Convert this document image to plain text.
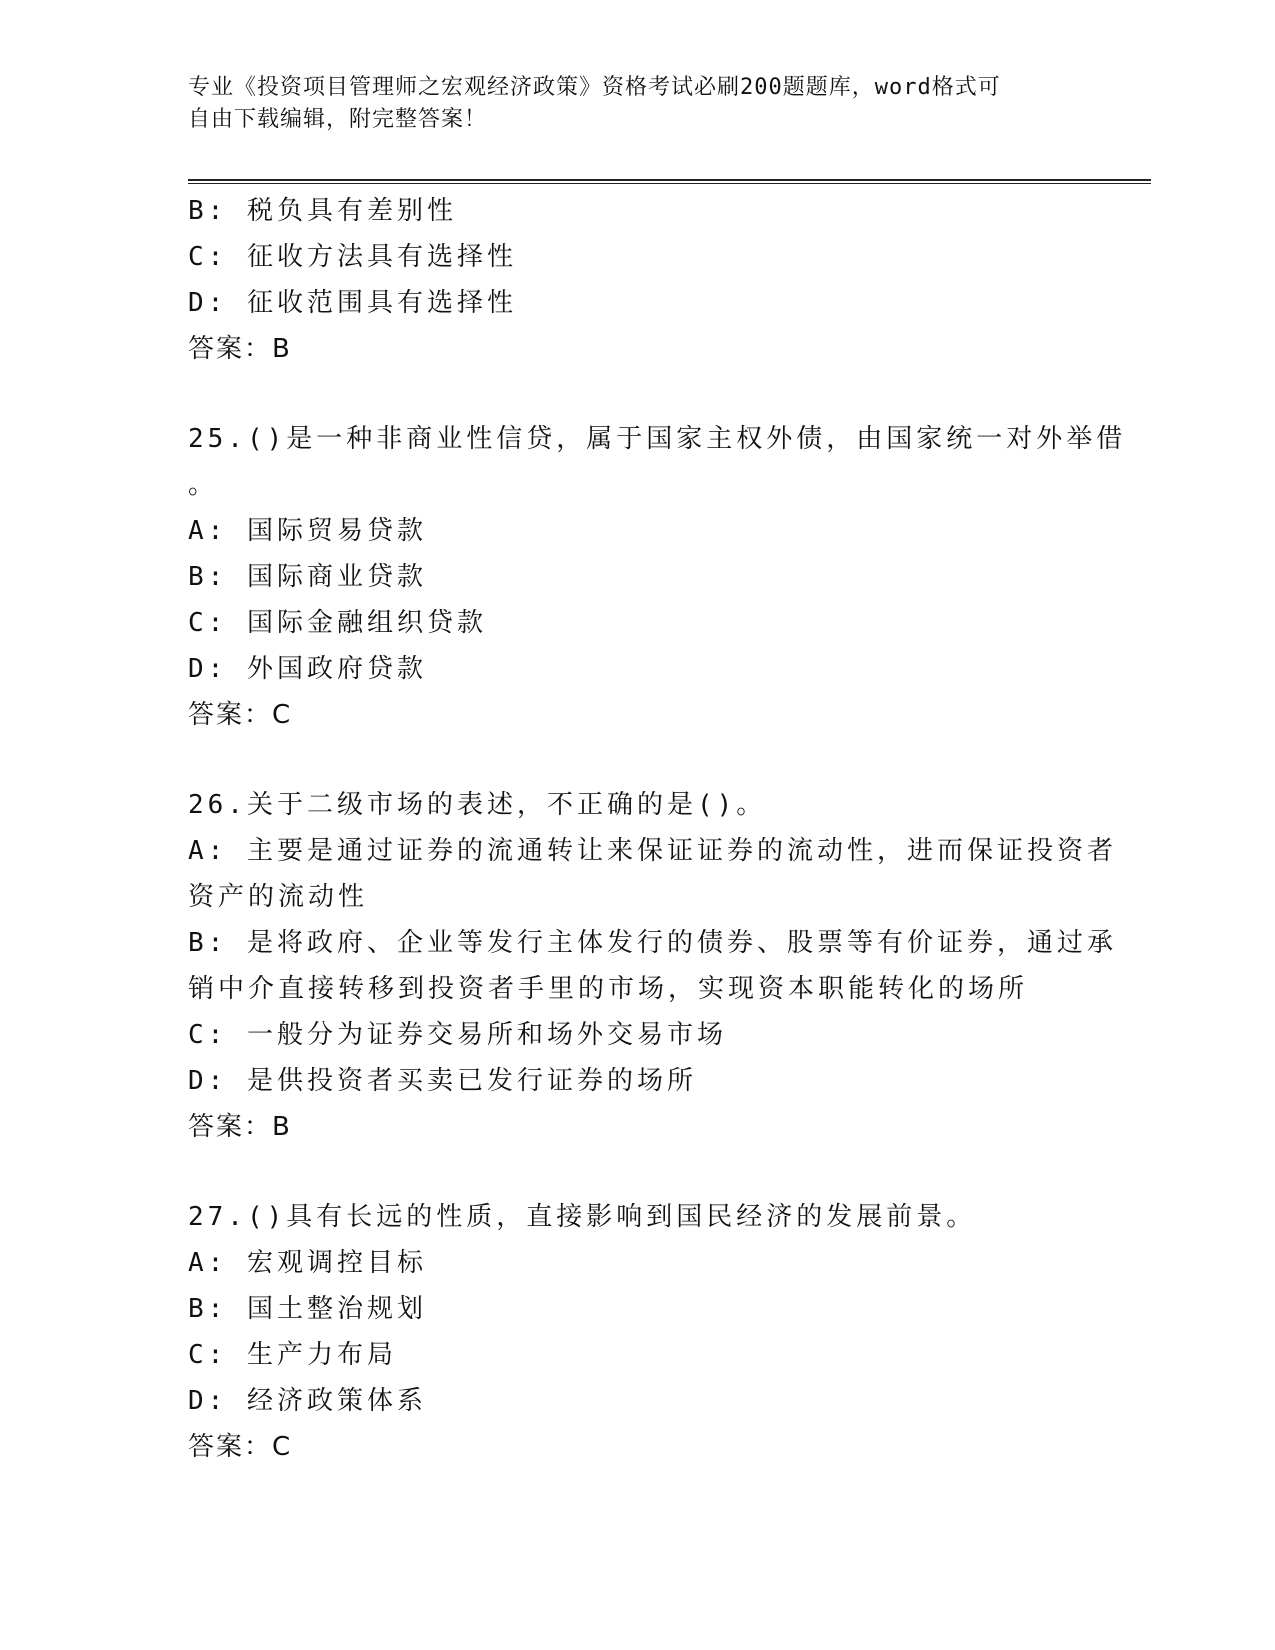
专业《投资项目管理师之宏观经济政策》资格考试必刷200题题库，word格式可
自由下载编辑，附完整答案！
B: 税负具有差别性
C: 征收方法具有选择性
D: 征收范围具有选择性
答案：B
25.()是一种非商业性信贷，属于国家主权外债，由国家统一对外举借
。
A: 国际贸易贷款
B: 国际商业贷款
C: 国际金融组织贷款
D: 外国政府贷款
答案：C
26.关于二级市场的表述，不正确的是()。
A: 主要是通过证券的流通转让来保证证券的流动性，进而保证投资者
资产的流动性
B: 是将政府、企业等发行主体发行的债券、股票等有价证券，通过承
销中介直接转移到投资者手里的市场，实现资本职能转化的场所
C: 一般分为证券交易所和场外交易市场
D: 是供投资者买卖已发行证券的场所
答案：B
27.()具有长远的性质，直接影响到国民经济的发展前景。
A: 宏观调控目标
B: 国土整治规划
C: 生产力布局
D: 经济政策体系
答案：C
